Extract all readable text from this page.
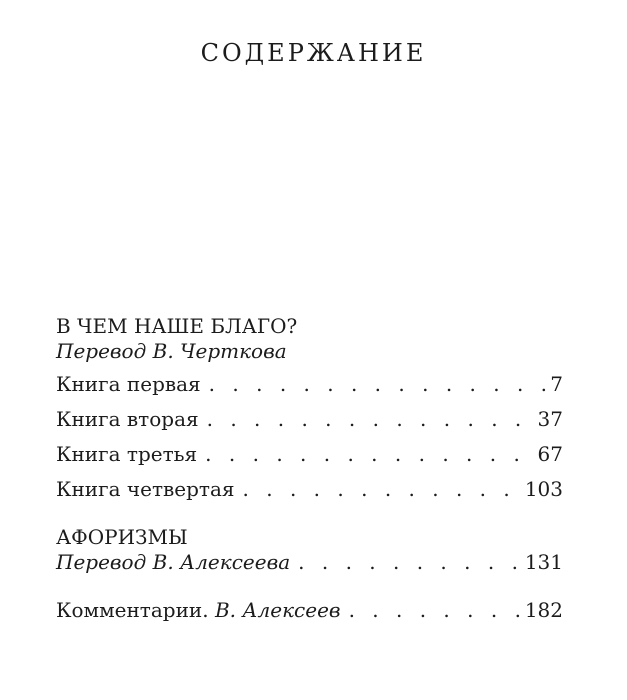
СОДЕРЖАНИЕ
В ЧЕМ НАШЕ БЛАГО?
Перевод В. Черткова
Книга первая . . .	7
Книга вторая . . .	37
Книга третья . . .	67
Книга четвертая . . .	103
АФОРИЗМЫ
Перевод В. Алексеева . . .	131
Комментарии. В. Алексеев . . .	182
